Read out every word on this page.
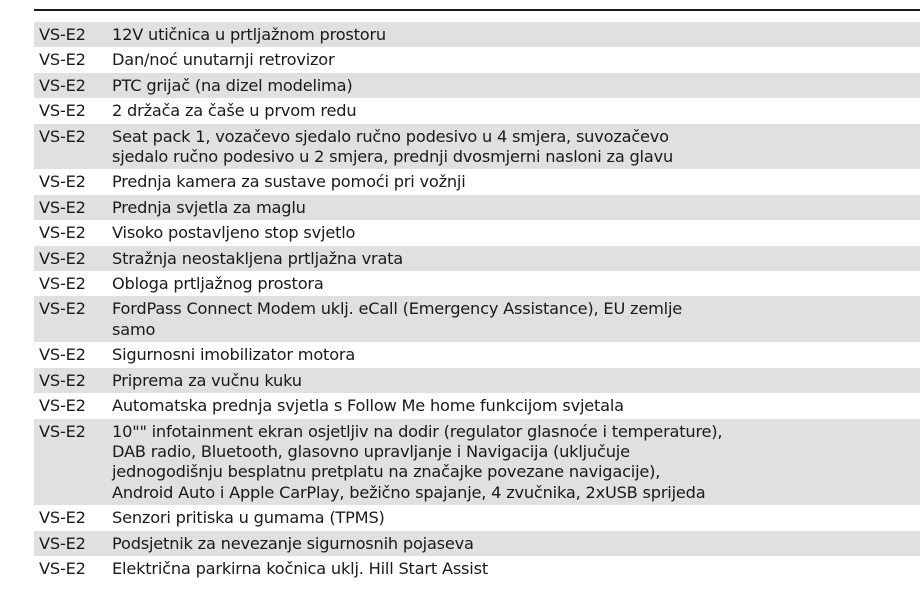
VS-E2	12V utičnica u prtljažnom prostoru
VS-E2	Dan/noć unutarnji retrovizor
VS-E2	PTC grijač (na dizel modelima)
VS-E2	2 držača za čaše u prvom redu
VS-E2	Seat pack 1, vozačevo sjedalo ručno podesivo u 4 smjera, suvozačevo
sjedalo ručno podesivo u 2 smjera, prednji dvosmjerni nasloni za glavu
VS-E2	Prednja kamera za sustave pomoći pri vožnji
VS-E2	Prednja svjetla za maglu
VS-E2	Visoko postavljeno stop svjetlo
VS-E2	Stražnja neostakljena prtljažna vrata
VS-E2	Obloga prtljažnog prostora
VS-E2	FordPass Connect Modem uklj. eCall (Emergency Assistance), EU zemlje
samo
VS-E2	Sigurnosni imobilizator motora
VS-E2	Priprema za vučnu kuku
VS-E2	Automatska prednja svjetla s Follow Me home funkcijom svjetala
VS-E2	10"" infotainment ekran osjetljiv na dodir (regulator glasnoće i temperature),
DAB radio, Bluetooth, glasovno upravljanje i Navigacija (uključuje
jednogodišnju besplatnu pretplatu na značajke povezane navigacije),
Android Auto i Apple CarPlay, bežično spajanje, 4 zvučnika, 2xUSB sprijeda
VS-E2	Senzori pritiska u gumama (TPMS)
VS-E2	Podsjetnik za nevezanje sigurnosnih pojaseva
VS-E2	Električna parkirna kočnica uklj. Hill Start Assist
